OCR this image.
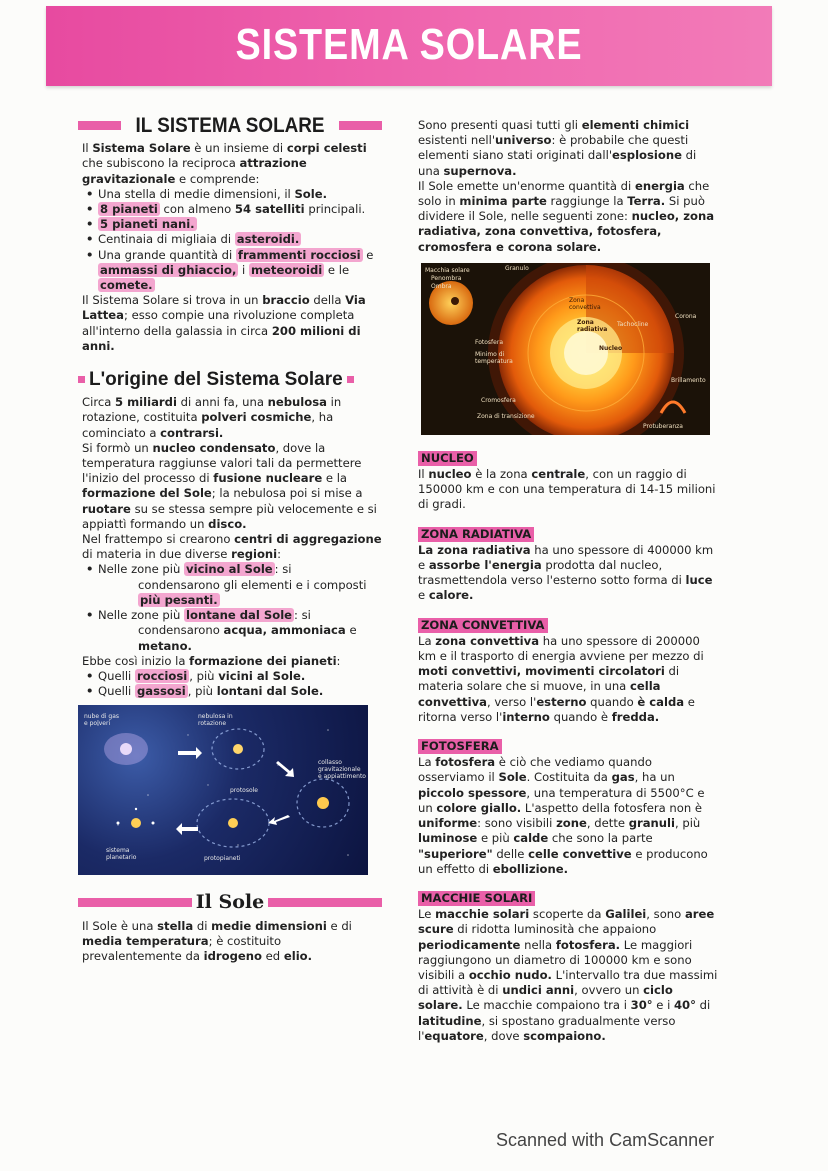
SISTEMA SOLARE
IL SISTEMA SOLARE

Il Sistema Solare è un insieme di corpi celesti che subiscono la reciproca attrazione gravitazionale e comprende:

• Una stella di medie dimensioni, il Sole.
• 8 pianeti con almeno 54 satelliti principali.
• 5 pianeti nani.
• Centinaia di migliaia di asteroidi.
• Una grande quantità di frammenti rocciosi e ammassi di ghiaccio, i meteoroidi e le comete.

Il Sistema Solare si trova in un braccio della Via Lattea; esso compie una rivoluzione completa all'interno della galassia in circa 200 milioni di anni.

L'origine del Sistema Solare

Circa 5 miliardi di anni fa, una nebulosa in rotazione, costituita polveri cosmiche, ha cominciato a contrarsi.

Si formò un nucleo condensato, dove la temperatura raggiunse valori tali da permettere l'inizio del processo di fusione nucleare e la formazione del Sole; la nebulosa poi si mise a ruotare su se stessa sempre più velocemente e si appiattì formando un disco.

Nel frattempo si crearono centri di aggregazione di materia in due diverse regioni:

• Nelle zone più vicino al Sole : si
condensarono gli elementi e i composti più pesanti.
• Nelle zone più lontane dal Sole : si
condensarono acqua, ammoniaca e metano.

Ebbe così inizio la formazione dei pianeti:

• Quelli rocciosi , più vicini al Sole.
• Quelli gassosi , più lontani dal Sole.
nube di gas e polveri
nebulosa in rotazione
collasso gravitazionale e appiattimento
protosole
sistema planetario	protopianeti
Il Sole

Il Sole è una stella di medie dimensioni e di media temperatura; è costituito prevalentemente da idrogeno ed elio.

Sono presenti quasi tutti gli elementi chimici esistenti nell'universo: è probabile che questi elementi siano stati originati dall'esplosione di una supernova.

Il Sole emette un'enorme quantità di energia che solo in minima parte raggiunge la Terra. Si può dividere il Sole, nelle seguenti zone: nucleo, zona radiativa, zona convettiva, fotosfera, cromosfera e corona solare.

Macchia solare
Penombra
Ombra
Granulo
Zona convettiva
Zona radiativa
Nucleo
Tachocline
Corona
Fotosfera
Minimo di temperatura
Brillamento
Cromosfera
Zona di transizione
Protuberanza
NUCLEO

Il nucleo è la zona centrale, con un raggio di 150000 km e con una temperatura di 14-15 milioni di gradi.

ZONA RADIATIVA

La zona radiativa ha uno spessore di 400000 km e assorbe l'energia prodotta dal nucleo, trasmettendola verso l'esterno sotto forma di luce e calore.

ZONA CONVETTIVA

La zona convettiva ha uno spessore di 200000 km e il trasporto di energia avviene per mezzo di moti convettivi, movimenti circolatori di materia solare che si muove, in una cella convettiva, verso l'esterno quando è calda e ritorna verso l'interno quando è fredda.

FOTOSFERA

La fotosfera è ciò che vediamo quando osserviamo il Sole. Costituita da gas, ha un piccolo spessore, una temperatura di 5500°C e un colore giallo. L'aspetto della fotosfera non è uniforme: sono visibili zone, dette granuli, più luminose e più calde che sono la parte "superiore" delle celle convettive e producono un effetto di ebollizione.

MACCHIE SOLARI

Le macchie solari scoperte da Galilei, sono aree scure di ridotta luminosità che appaiono periodicamente nella fotosfera. Le maggiori raggiungono un diametro di 100000 km e sono visibili a occhio nudo. L'intervallo tra due massimi di attività è di undici anni, ovvero un ciclo solare. Le macchie compaiono tra i 30° e i 40° di latitudine, si spostano gradualmente verso l'equatore, dove scompaiono.

Scanned with CamScanner
